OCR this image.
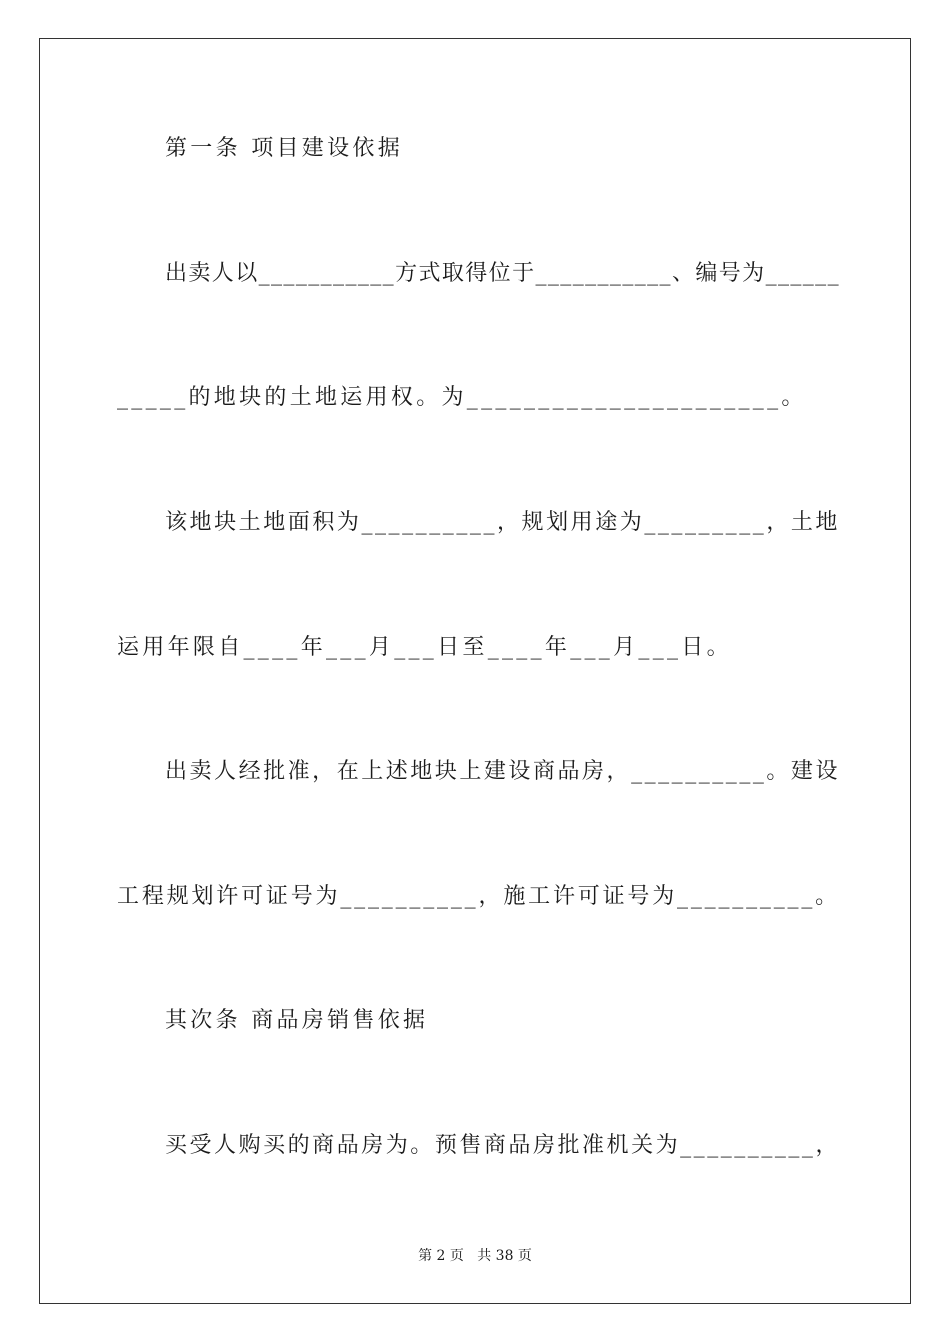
第一条 项目建设依据
出卖人以___________方式取得位于___________、编号为______
_____的地块的土地运用权。为______________________。
该地块土地面积为__________，规划用途为_________，土地
运用年限自____年___月___日至____年___月___日。
出卖人经批准，在上述地块上建设商品房，__________。建设
工程规划许可证号为__________，施工许可证号为__________。
其次条 商品房销售依据
买受人购买的商品房为。预售商品房批准机关为__________，
第 2 页   共 38 页
